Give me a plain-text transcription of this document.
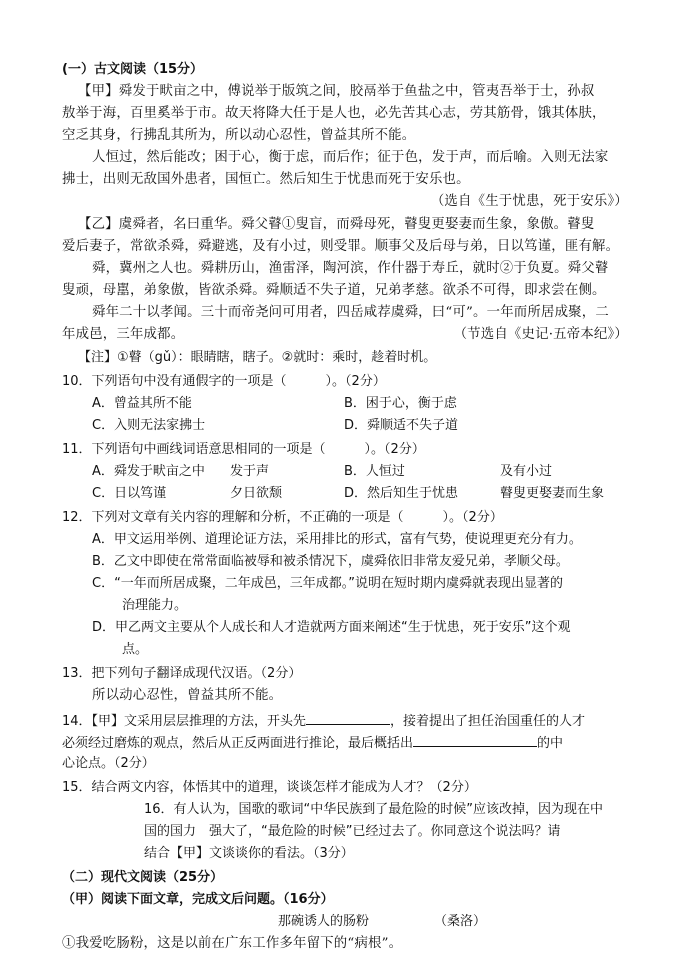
(一）古文阅读（15分）
【甲】舜发于畎亩之中，傅说举于版筑之间，胶鬲举于鱼盐之中，管夷吾举于士，孙叔
敖举于海，百里奚举于市。故天将降大任于是人也，必先苦其心志，劳其筋骨，饿其体肤，
空乏其身，行拂乱其所为，所以动心忍性，曾益其所不能。
人恒过，然后能改；困于心，衡于虑，而后作；征于色，发于声，而后喻。入则无法家
拂士，出则无敌国外患者，国恒亡。然后知生于忧患而死于安乐也。
（选自《生于忧患，死于安乐》）
【乙】虞舜者，名曰重华。舜父瞽①叟盲，而舜母死，瞽叟更娶妻而生象，象傲。瞽叟
爱后妻子，常欲杀舜，舜避逃，及有小过，则受罪。顺事父及后母与弟，日以笃谨，匪有解。
舜，冀州之人也。舜耕历山，渔雷泽，陶河滨，作什器于寿丘，就时②于负夏。舜父瞽
叟顽，母嚚，弟象傲，皆欲杀舜。舜顺适不失子道，兄弟孝慈。欲杀不可得，即求尝在侧。
舜年二十以孝闻。三十而帝尧问可用者，四岳咸荐虞舜，曰“可”。一年而所居成聚，二
年成邑，三年成都。	（节选自《史记·五帝本纪》）
【注】①瞽（gǔ）：眼睛瞎，瞎子。②就时：乘时，趁着时机。
10．下列语句中没有通假字的一项是（　　　）。（2分）
A．曾益其所不能	B．困于心，衡于虑
C．入则无法家拂士	D．舜顺适不失子道
11．下列语句中画线词语意思相同的一项是（　　　）。（2分）
A．舜发于畎亩之中 发于声	B．人恒过	及有小过
C．日以笃谨	夕日欲颓	D．然后知生于忧患	瞽叟更娶妻而生象
12．下列对文章有关内容的理解和分析，不正确的一项是（　　　）。（2分）
A．甲文运用举例、道理论证方法，采用排比的形式，富有气势，使说理更充分有力。
B．乙文中即使在常常面临被辱和被杀情况下，虞舜依旧非常友爱兄弟，孝顺父母。
C．“一年而所居成聚，二年成邑，三年成都。”说明在短时期内虞舜就表现出显著的
治理能力。
D．甲乙两文主要从个人成长和人才造就两方面来阐述“生于忧患，死于安乐”这个观
点。
13．把下列句子翻译成现代汉语。（2分）
所以动心忍性，曾益其所不能。
14．【甲】文采用层层推理的方法，开头先	，接着提出了担任治国重任的人才
必须经过磨炼的观点，然后从正反两面进行推论，最后概括出	的中
心论点。（2分）
15．结合两文内容，体悟其中的道理，谈谈怎样才能成为人才？（2分）
16．有人认为，国歌的歌词“中华民族到了最危险的时候”应该改掉，因为现在中
国的国力　强大了，“最危险的时候”已经过去了。你同意这个说法吗？请
结合【甲】文谈谈你的看法。（3分）
（二）现代文阅读（25分）
（甲）阅读下面文章，完成文后问题。（16分）
那碗诱人的肠粉	（桑洛）
①我爱吃肠粉，这是以前在广东工作多年留下的“病根”。
